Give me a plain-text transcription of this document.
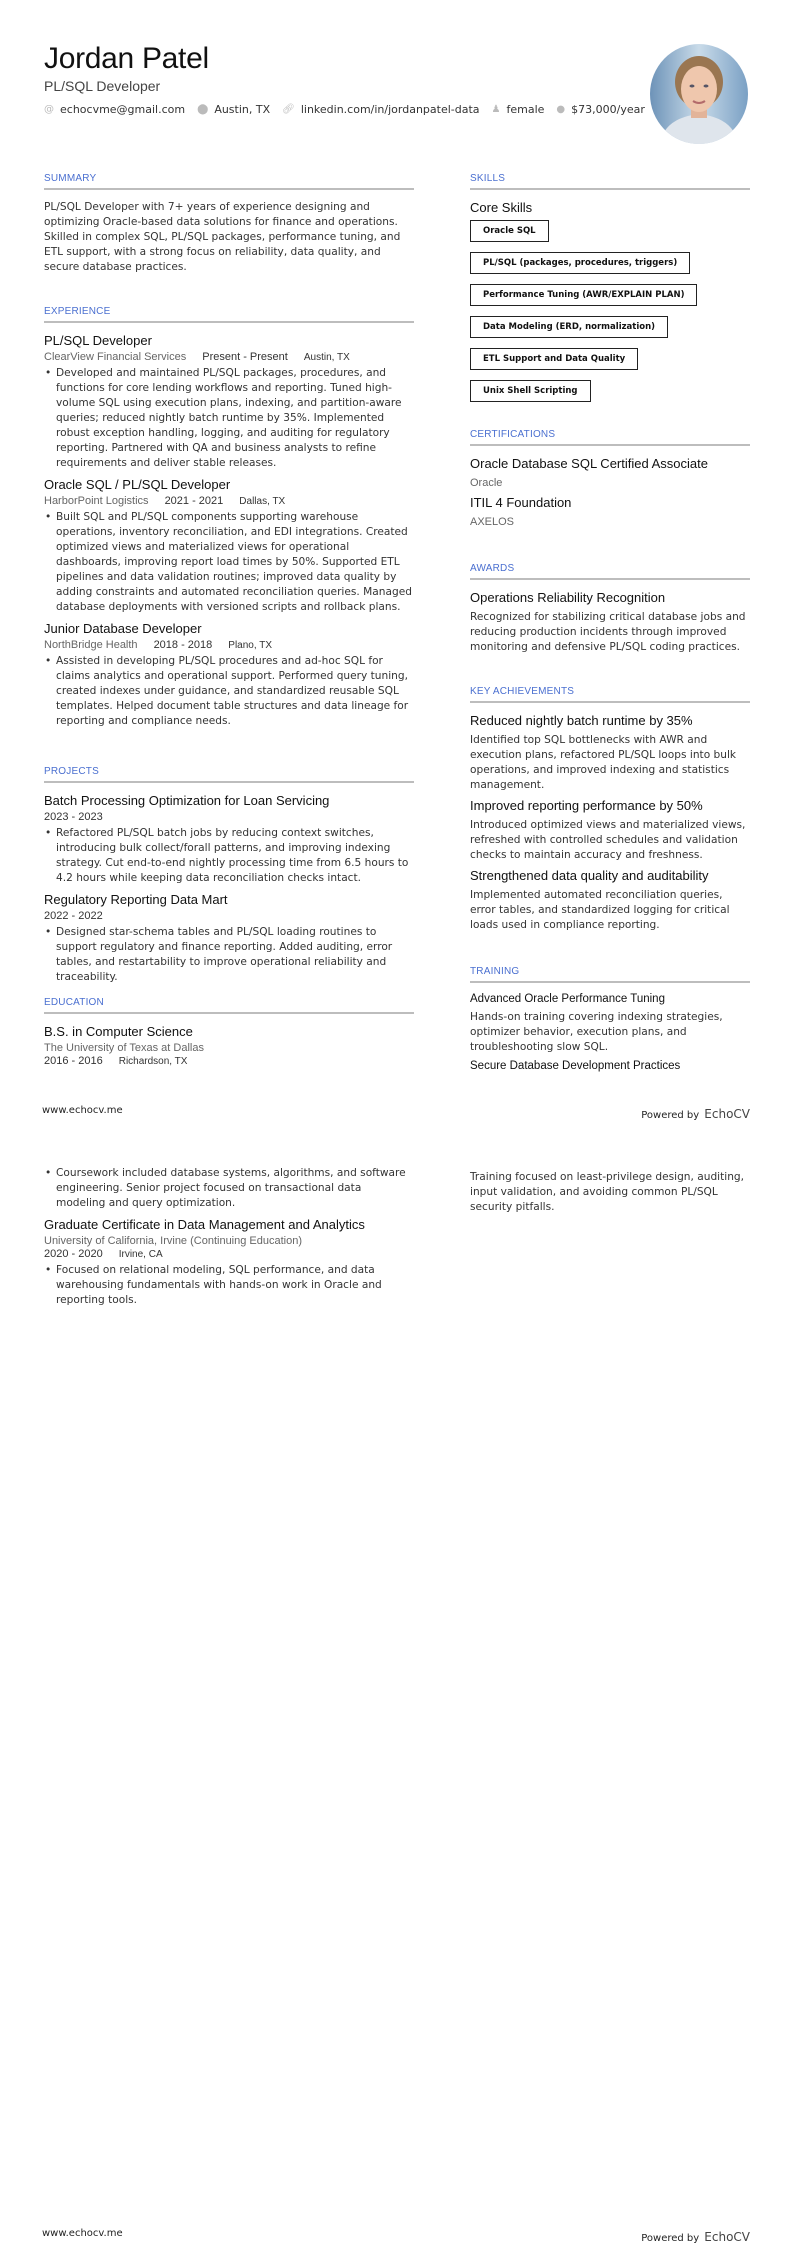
Jordan Patel
PL/SQL Developer
@ echocvme@gmail.com ⬤ Austin, TX 🔗︎ linkedin.com/in/jordanpatel-data ♟ female ● $73,000/year
SUMMARY
PL/SQL Developer with 7+ years of experience designing and optimizing Oracle-based data solutions for finance and operations. Skilled in complex SQL, PL/SQL packages, performance tuning, and ETL support, with a strong focus on reliability, data quality, and secure database practices.
EXPERIENCE
PL/SQL Developer
ClearView Financial Services Present - Present Austin, TX
• Developed and maintained PL/SQL packages, procedures, and functions for core lending workflows and reporting. Tuned high-volume SQL using execution plans, indexing, and partition-aware queries; reduced nightly batch runtime by 35%. Implemented robust exception handling, logging, and auditing for regulatory reporting. Partnered with QA and business analysts to refine requirements and deliver stable releases.
Oracle SQL / PL/SQL Developer
HarborPoint Logistics 2021 - 2021 Dallas, TX
• Built SQL and PL/SQL components supporting warehouse operations, inventory reconciliation, and EDI integrations. Created optimized views and materialized views for operational dashboards, improving report load times by 50%. Supported ETL pipelines and data validation routines; improved data quality by adding constraints and automated reconciliation queries. Managed database deployments with versioned scripts and rollback plans.
Junior Database Developer
NorthBridge Health 2018 - 2018 Plano, TX
• Assisted in developing PL/SQL procedures and ad-hoc SQL for claims analytics and operational support. Performed query tuning, created indexes under guidance, and standardized reusable SQL templates. Helped document table structures and data lineage for reporting and compliance needs.
PROJECTS
Batch Processing Optimization for Loan Servicing
2023 - 2023
• Refactored PL/SQL batch jobs by reducing context switches, introducing bulk collect/forall patterns, and improving indexing strategy. Cut end-to-end nightly processing time from 6.5 hours to 4.2 hours while keeping data reconciliation checks intact.
Regulatory Reporting Data Mart
2022 - 2022
• Designed star-schema tables and PL/SQL loading routines to support regulatory and finance reporting. Added auditing, error tables, and restartability to improve operational reliability and traceability.
EDUCATION
B.S. in Computer Science
The University of Texas at Dallas
2016 - 2016 Richardson, TX
SKILLS
Core Skills
Oracle SQL
PL/SQL (packages, procedures, triggers)
Performance Tuning (AWR/EXPLAIN PLAN)
Data Modeling (ERD, normalization)
ETL Support and Data Quality
Unix Shell Scripting
CERTIFICATIONS
Oracle Database SQL Certified Associate
Oracle
ITIL 4 Foundation
AXELOS
AWARDS
Operations Reliability Recognition
Recognized for stabilizing critical database jobs and reducing production incidents through improved monitoring and defensive PL/SQL coding practices.
KEY ACHIEVEMENTS
Reduced nightly batch runtime by 35%
Identified top SQL bottlenecks with AWR and execution plans, refactored PL/SQL loops into bulk operations, and improved indexing and statistics management.
Improved reporting performance by 50%
Introduced optimized views and materialized views, refreshed with controlled schedules and validation checks to maintain accuracy and freshness.
Strengthened data quality and auditability
Implemented automated reconciliation queries, error tables, and standardized logging for critical loads used in compliance reporting.
TRAINING
Advanced Oracle Performance Tuning
Hands-on training covering indexing strategies, optimizer behavior, execution plans, and troubleshooting slow SQL.
Secure Database Development Practices
www.echocv.me	Powered by EchoCV
• Coursework included database systems, algorithms, and software engineering. Senior project focused on transactional data modeling and query optimization.
Graduate Certificate in Data Management and Analytics
University of California, Irvine (Continuing Education)
2020 - 2020 Irvine, CA
• Focused on relational modeling, SQL performance, and data warehousing fundamentals with hands-on work in Oracle and reporting tools.
Training focused on least-privilege design, auditing, input validation, and avoiding common PL/SQL security pitfalls.
www.echocv.me	Powered by EchoCV
